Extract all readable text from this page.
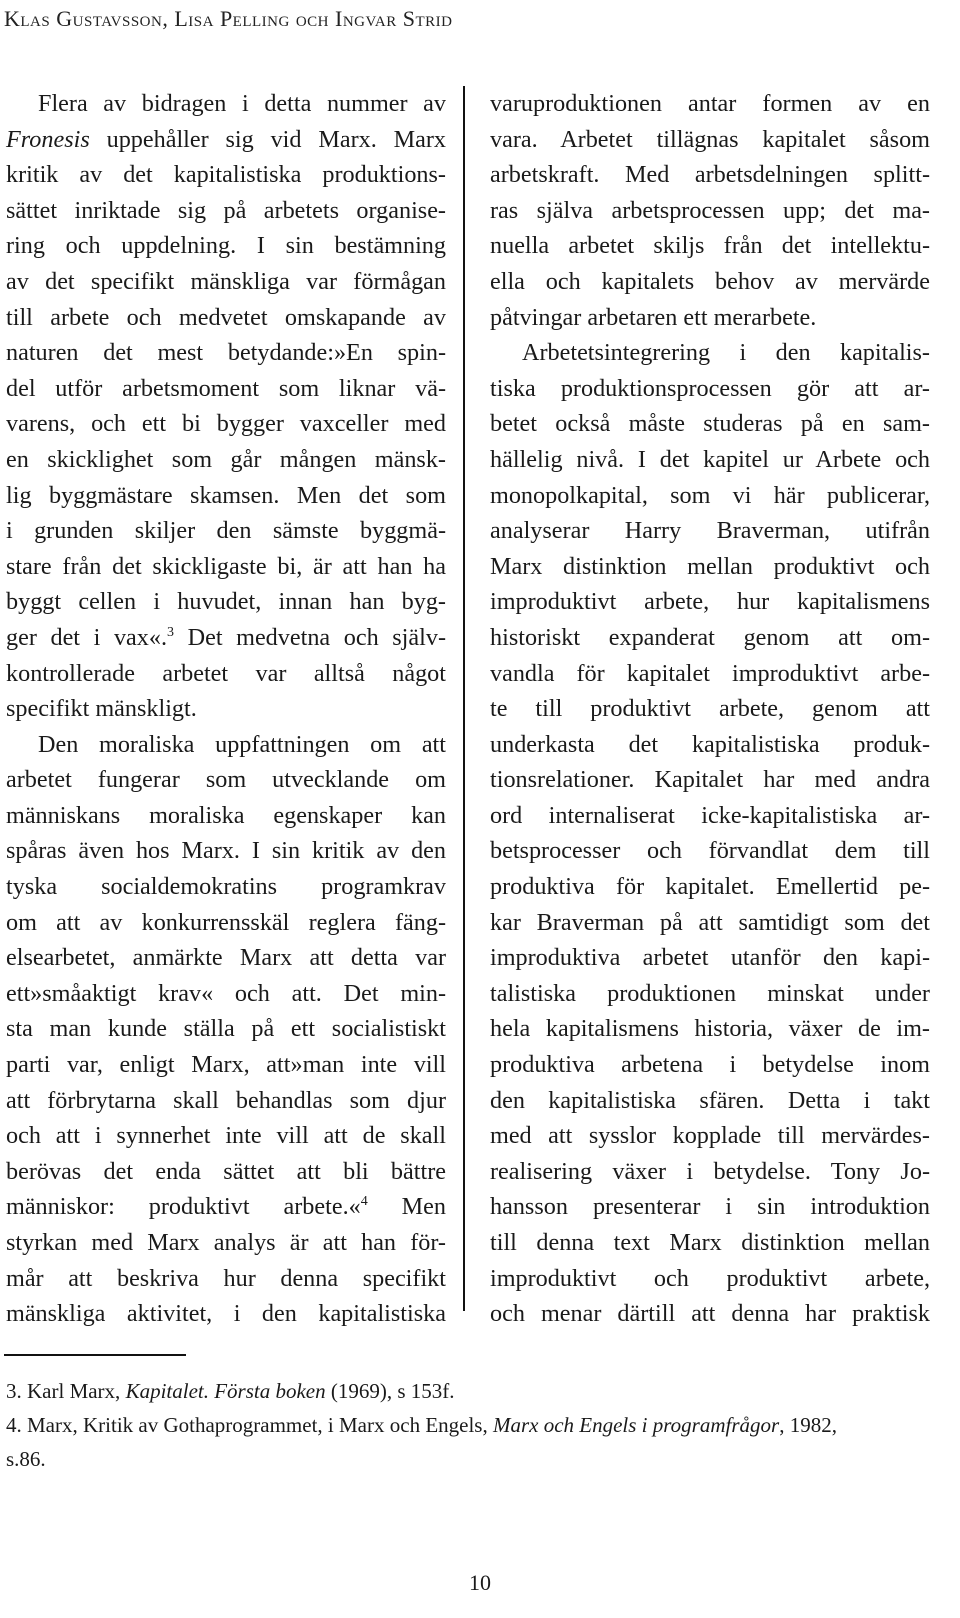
Klas Gustavsson, Lisa Pelling och Ingvar Strid
Flera av bidragen i detta nummer av
Fronesis uppehåller sig vid Marx. Marx
kritik av det kapitalistiska produktions-
sättet inriktade sig på arbetets organise-
ring och uppdelning. I sin bestämning
av det specifikt mänskliga var förmågan
till arbete och medvetet omskapande av
naturen det mest betydande:»En spin-
del utför arbetsmoment som liknar vä-
varens, och ett bi bygger vaxceller med
en skicklighet som går mången mänsk-
lig byggmästare skamsen. Men det som
i grunden skiljer den sämste byggmä-
stare från det skickligaste bi, är att han ha
byggt cellen i huvudet, innan han byg-
ger det i vax«.$^3$ Det medvetna och själv-
kontrollerade arbetet var alltså något
specifikt mänskligt.
Den moraliska uppfattningen om att
arbetet fungerar som utvecklande om
människans moraliska egenskaper kan
spåras även hos Marx. I sin kritik av den
tyska socialdemokratins programkrav
om att av konkurrensskäl reglera fäng-
elsearbetet, anmärkte Marx att detta var
ett»småaktigt krav« och att. Det min-
sta man kunde ställa på ett socialistiskt
parti var, enligt Marx, att»man inte vill
att förbrytarna skall behandlas som djur
och att i synnerhet inte vill att de skall
berövas det enda sättet att bli bättre
människor: produktivt arbete.«$^4$ Men
styrkan med Marx analys är att han för-
mår att beskriva hur denna specifikt
mänskliga aktivitet, i den kapitalistiska
varuproduktionen antar formen av en
vara. Arbetet tillägnas kapitalet såsom
arbetskraft. Med arbetsdelningen splitt-
ras själva arbetsprocessen upp; det ma-
nuella arbetet skiljs från det intellektu-
ella och kapitalets behov av mervärde
påtvingar arbetaren ett merarbete.
Arbetetsintegrering i den kapitalis-
tiska produktionsprocessen gör att ar-
betet också måste studeras på en sam-
hällelig nivå. I det kapitel ur Arbete och
monopolkapital, som vi här publicerar,
analyserar Harry Braverman, utifrån
Marx distinktion mellan produktivt och
improduktivt arbete, hur kapitalismens
historiskt expanderat genom att om-
vandla för kapitalet improduktivt arbe-
te till produktivt arbete, genom att
underkasta det kapitalistiska produk-
tionsrelationer. Kapitalet har med andra
ord internaliserat icke-kapitalistiska ar-
betsprocesser och förvandlat dem till
produktiva för kapitalet. Emellertid pe-
kar Braverman på att samtidigt som det
improduktiva arbetet utanför den kapi-
talistiska produktionen minskat under
hela kapitalismens historia, växer de im-
produktiva arbetena i betydelse inom
den kapitalistiska sfären. Detta i takt
med att sysslor kopplade till mervärdes-
realisering växer i betydelse. Tony Jo-
hansson presenterar i sin introduktion
till denna text Marx distinktion mellan
improduktivt och produktivt arbete,
och menar därtill att denna har praktisk
3. Karl Marx, Kapitalet. Första boken (1969), s 153f.
4. Marx, Kritik av Gothaprogrammet, i Marx och Engels, Marx och Engels i programfrågor, 1982,
s.86.
10
